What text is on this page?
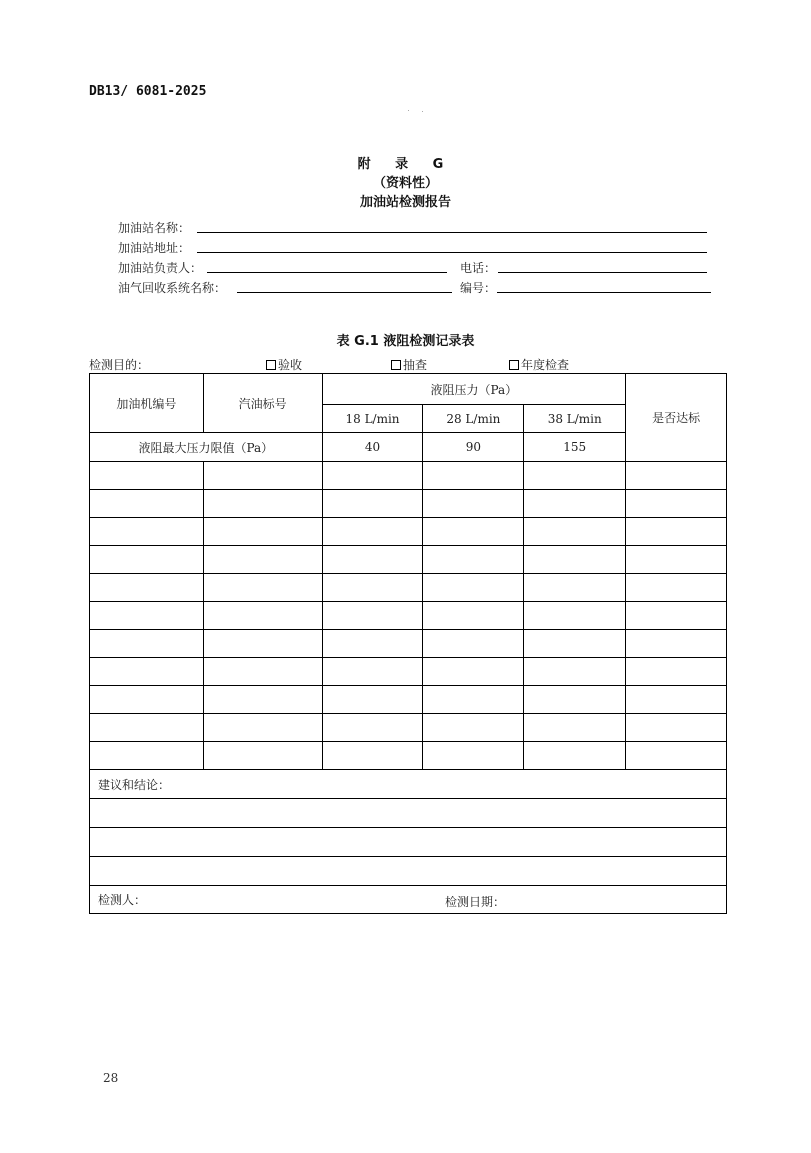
DB13/ 6081-2025
附 录 G
（资料性）
加油站检测报告
加油站名称：
加油站地址：
加油站负责人：	电话：
油气回收系统名称：	编号：
表 G.1 液阻检测记录表
检测目的：	验收	抽查	年度检查
加油机编号	汽油标号	液阻压力（Pa）			是否达标
		18 L/min	28 L/min	38 L/min	
液阻最大压力限值（Pa）		40	90	155	

建议和结论：					

检测人： 检测日期：					
28
